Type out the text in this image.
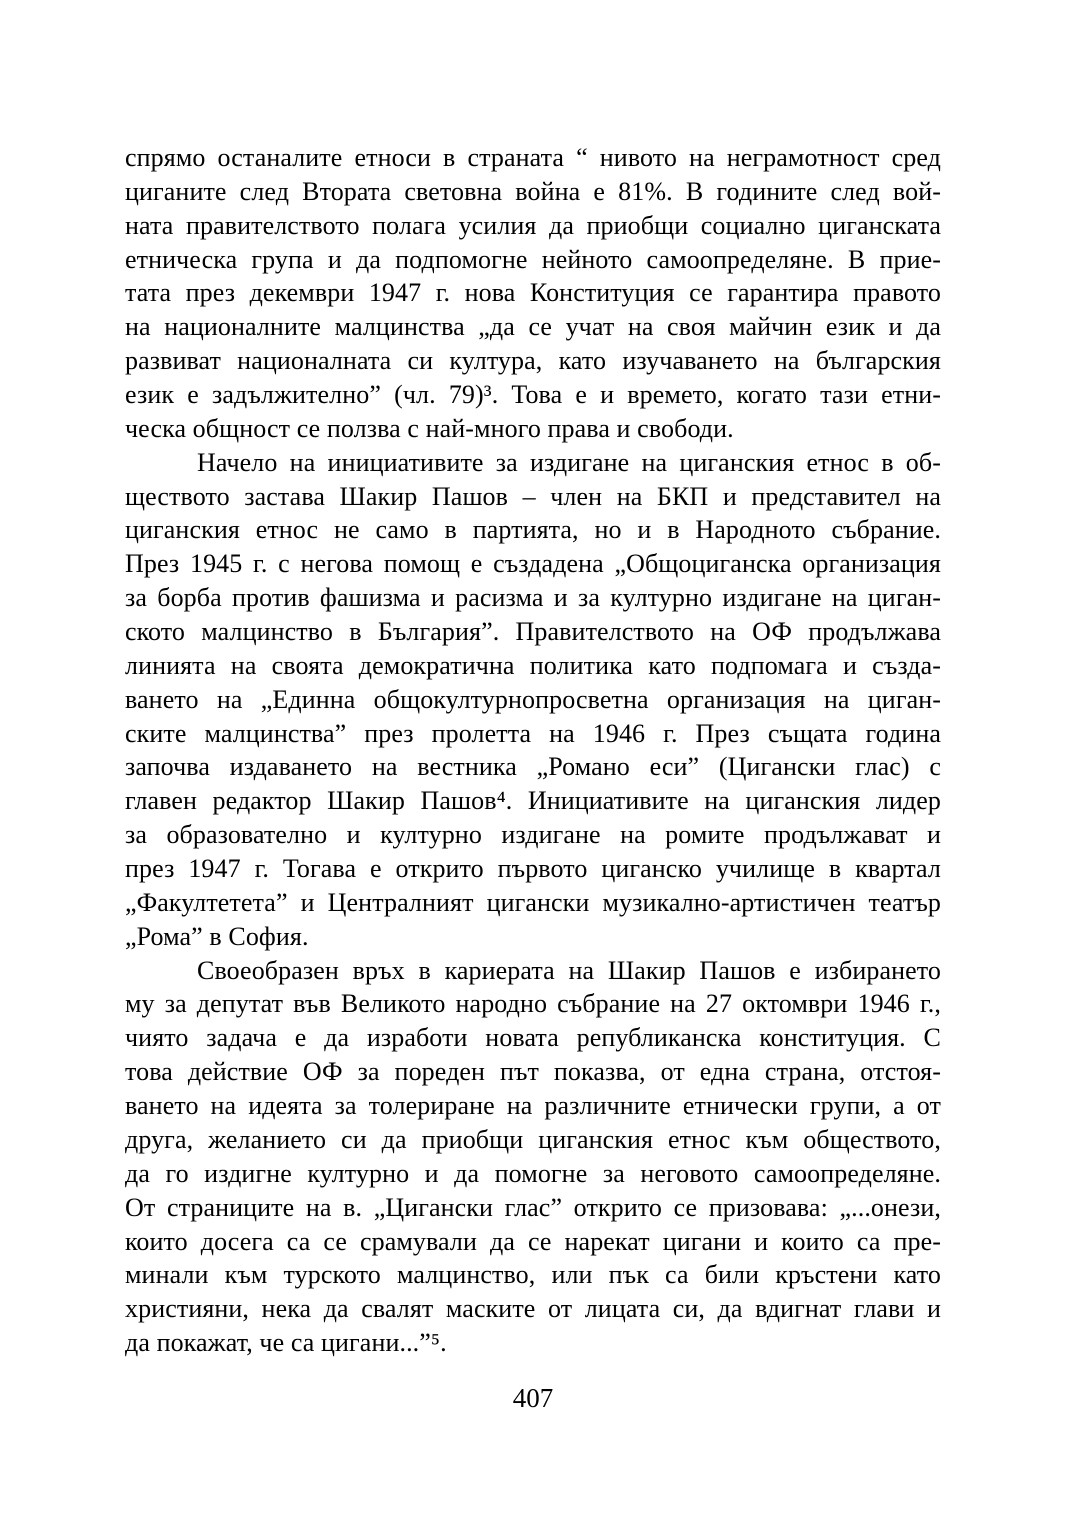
спрямо останалите етноси в страната “ нивото на неграмотност сред
циганите след Втората световна война е 81%. В годините след вой-
ната правителството полага усилия да приобщи социално циганската
етническа група и да подпомогне нейното самоопределяне. В прие-
тата през декември 1947 г. нова Конституция се гарантира правото
на националните малцинства „да се учат на своя майчин език и да
развиват националната си култура, като изучаването на българския
език е задължително” (чл. 79)³. Това е и времето, когато тази етни-
ческа общност се ползва с най-много права и свободи.
Начело на инициативите за издигане на циганския етнос в об-
ществото застава Шакир Пашов – член на БКП и представител на
циганския етнос не само в партията, но и в Народното събрание.
През 1945 г. с негова помощ е създадена „Общоциганска организация
за борба против фашизма и расизма и за културно издигане на циган-
ското малцинство в България”. Правителството на ОФ продължава
линията на своята демократична политика като подпомага и създа-
ването на „Единна общокултурнопросветна организация на циган-
ските малцинства” през пролетта на 1946 г. През същата година
започва издаването на вестника „Романо еси” (Цигански глас) с
главен редактор Шакир Пашов⁴. Инициативите на циганския лидер
за образователно и културно издигане на ромите продължават и
през 1947 г. Тогава е открито първото циганско училище в квартал
„Факултетета” и Централният цигански музикално-артистичен театър
„Рома” в София.
Своеобразен връх в кариерата на Шакир Пашов е избирането
му за депутат във Великото народно събрание на 27 октомври 1946 г.,
чиято задача е да изработи новата републиканска конституция. С
това действие ОФ за пореден път показва, от една страна, отстоя-
ването на идеята за толериране на различните етнически групи, а от
друга, желанието си да приобщи циганския етнос към обществото,
да го издигне културно и да помогне за неговото самоопределяне.
От страниците на в. „Цигански глас” открито се призовава: „...онези,
които досега са се срамували да се нарекат цигани и които са пре-
минали към турското малцинство, или пък са били кръстени като
християни, нека да свалят маските от лицата си, да вдигнат глави и
да покажат, че са цигани...”⁵.
407
